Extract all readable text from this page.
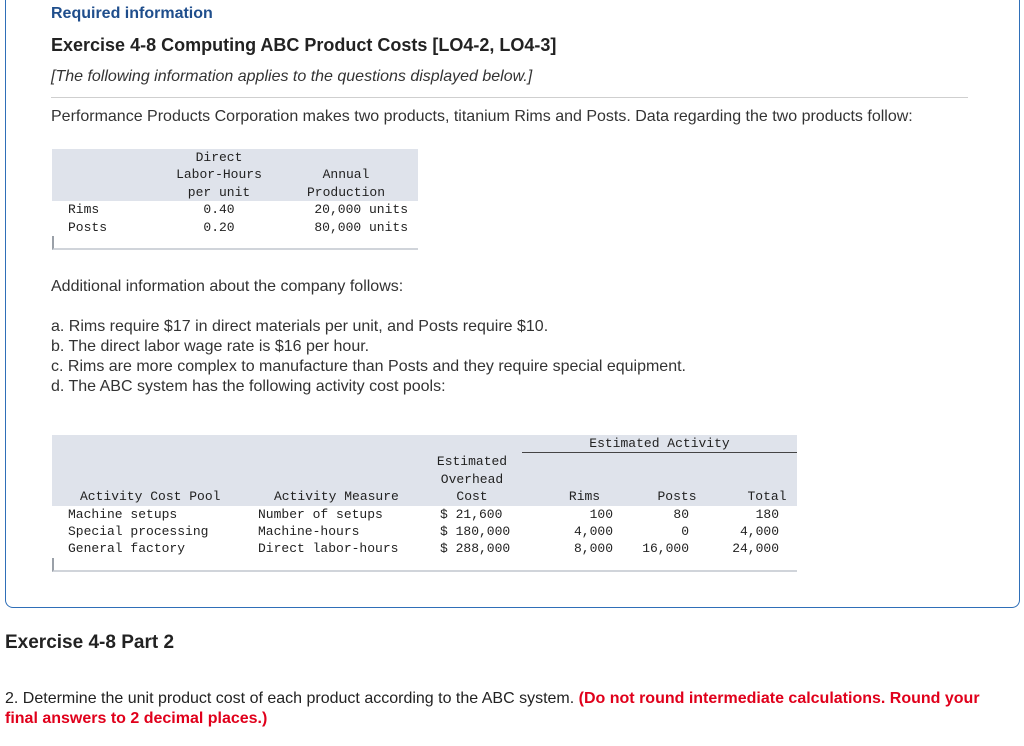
Required information
Exercise 4-8 Computing ABC Product Costs [LO4-2, LO4-3]
[The following information applies to the questions displayed below.]
Performance Products Corporation makes two products, titanium Rims and Posts. Data regarding the two products follow:
	Direct	
	Labor-Hours	Annual
	per unit	Production
Rims	0.40	20,000 units
Posts	0.20	80,000 units
Additional information about the company follows:
a. Rims require $17 in direct materials per unit, and Posts require $10.
b. The direct labor wage rate is $16 per hour.
c. Rims are more complex to manufacture than Posts and they require special equipment.
d. The ABC system has the following activity cost pools:
			Estimated Activity		
		Estimated			
		Overhead			
Activity Cost Pool	Activity Measure	Cost	Rims	Posts	Total
Machine setups	Number of setups	$ 21,600	100	80	180
Special processing	Machine-hours	$ 180,000	4,000	0	4,000
General factory	Direct labor-hours	$ 288,000	8,000	16,000	24,000
Exercise 4-8 Part 2
2. Determine the unit product cost of each product according to the ABC system. (Do not round intermediate calculations. Round your final answers to 2 decimal places.)
